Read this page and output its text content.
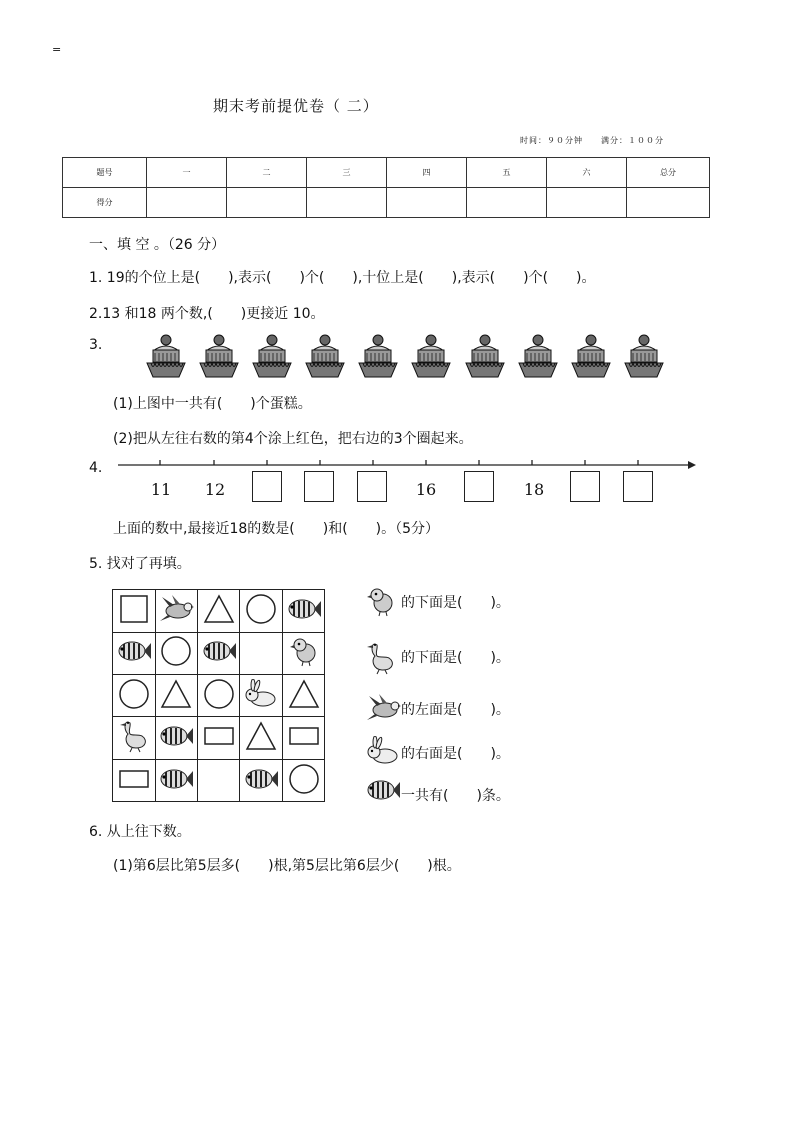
=
期末考前提优卷（ 二）
时间：９０分钟　　满分：１００分
题号	一	二	三	四	五	六	总分
得分							
一、填 空 。（26 分）
1. 19的个位上是(　　),表示(　　)个(　　),十位上是(　　),表示(　　)个(　　)。
2.13 和18 两个数,(　　)更接近 10。
3.
(1)上图中一共有(　　)个蛋糕。
(2)把从左往右数的第4个涂上红色，把右边的3个圈起来。
4.
11	12	16	18
上面的数中,最接近18的数是(　　)和(　　)。（5分）
5. 找对了再填。
的下面是(　　)。
的下面是(　　)。
的左面是(　　)。
的右面是(　　)。
一共有(　　)条。
6. 从上往下数。
(1)第6层比第5层多(　　)根,第5层比第6层少(　　)根。
